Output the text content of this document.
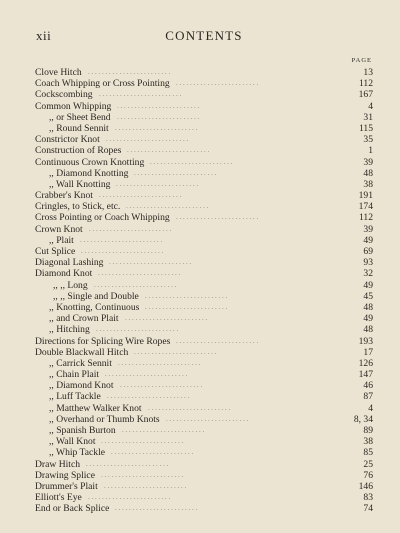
xii	CONTENTS
PAGE
Clove Hitch . . . . . . . . . . . . . . . . . . . . . . . .	13
Coach Whipping or Cross Pointing . . . . . . . . . . . . . . . . . . . . . . . .	112
Cockscombing . . . . . . . . . . . . . . . . . . . . . . . .	167
Common Whipping . . . . . . . . . . . . . . . . . . . . . . . .	4
,, or Sheet Bend . . . . . . . . . . . . . . . . . . . . . . . .	31
,, Round Sennit . . . . . . . . . . . . . . . . . . . . . . . .	115
Constrictor Knot . . . . . . . . . . . . . . . . . . . . . . . .	35
Construction of Ropes . . . . . . . . . . . . . . . . . . . . . . . .	1
Continuous Crown Knotting . . . . . . . . . . . . . . . . . . . . . . . .	39
,, Diamond Knotting . . . . . . . . . . . . . . . . . . . . . . . .	48
,, Wall Knotting . . . . . . . . . . . . . . . . . . . . . . . .	38
Crabber's Knot . . . . . . . . . . . . . . . . . . . . . . . .	191
Cringles, to Stick, etc. . . . . . . . . . . . . . . . . . . . . . . . .	174
Cross Pointing or Coach Whipping . . . . . . . . . . . . . . . . . . . . . . . .	112
Crown Knot . . . . . . . . . . . . . . . . . . . . . . . .	39
,, Plait . . . . . . . . . . . . . . . . . . . . . . . .	49
Cut Splice . . . . . . . . . . . . . . . . . . . . . . . .	69
Diagonal Lashing . . . . . . . . . . . . . . . . . . . . . . . .	93
Diamond Knot . . . . . . . . . . . . . . . . . . . . . . . .	32
,, ,, Long . . . . . . . . . . . . . . . . . . . . . . . .	49
,, ,, Single and Double . . . . . . . . . . . . . . . . . . . . . . . .	45
,, Knotting, Continuous . . . . . . . . . . . . . . . . . . . . . . . .	48
,, and Crown Plait . . . . . . . . . . . . . . . . . . . . . . . .	49
,, Hitching . . . . . . . . . . . . . . . . . . . . . . . .	48
Directions for Splicing Wire Ropes . . . . . . . . . . . . . . . . . . . . . . . .	193
Double Blackwall Hitch . . . . . . . . . . . . . . . . . . . . . . . .	17
,, Carrick Sennit . . . . . . . . . . . . . . . . . . . . . . . .	126
,, Chain Plait . . . . . . . . . . . . . . . . . . . . . . . .	147
,, Diamond Knot . . . . . . . . . . . . . . . . . . . . . . . .	46
,, Luff Tackle . . . . . . . . . . . . . . . . . . . . . . . .	87
,, Matthew Walker Knot . . . . . . . . . . . . . . . . . . . . . . . .	4
,, Overhand or Thumb Knots . . . . . . . . . . . . . . . . . . . . . . . .	8, 34
,, Spanish Burton . . . . . . . . . . . . . . . . . . . . . . . .	89
,, Wall Knot . . . . . . . . . . . . . . . . . . . . . . . .	38
,, Whip Tackle . . . . . . . . . . . . . . . . . . . . . . . .	85
Draw Hitch . . . . . . . . . . . . . . . . . . . . . . . .	25
Drawing Splice . . . . . . . . . . . . . . . . . . . . . . . .	76
Drummer's Plait . . . . . . . . . . . . . . . . . . . . . . . .	146
Elliott's Eye . . . . . . . . . . . . . . . . . . . . . . . .	83
End or Back Splice . . . . . . . . . . . . . . . . . . . . . . . .	74
